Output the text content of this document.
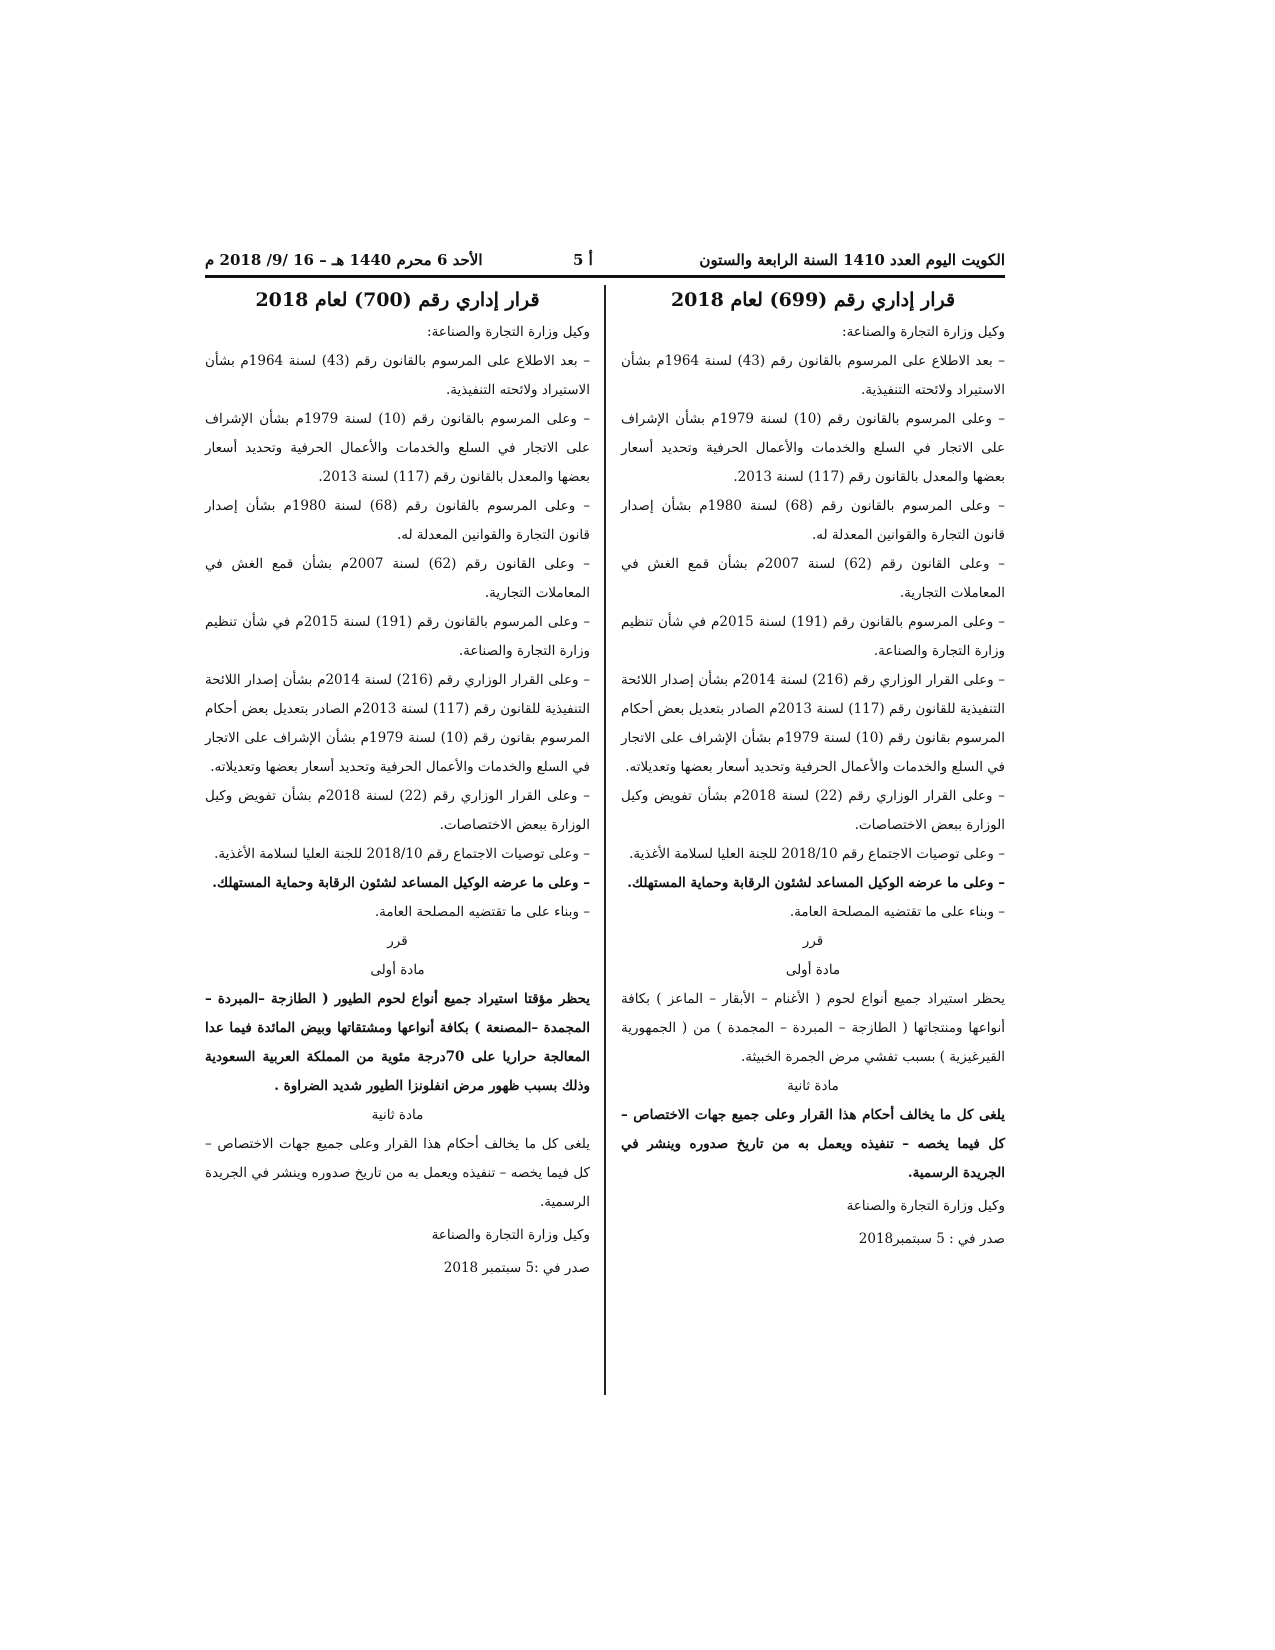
الكويت اليوم العدد 1410 السنة الرابعة والستون
أ 5
الأحد 6 محرم 1440 هـ – 16 /9/ 2018 م
قرار إداري رقم (699) لعام 2018

وكيل وزارة التجارة والصناعة:

– بعد الاطلاع على المرسوم بالقانون رقم (43) لسنة 1964م بشأن الاستيراد ولائحته التنفيذية.

– وعلى المرسوم بالقانون رقم (10) لسنة 1979م بشأن الإشراف على الاتجار في السلع والخدمات والأعمال الحرفية وتحديد أسعار بعضها والمعدل بالقانون رقم (117) لسنة 2013.

– وعلى المرسوم بالقانون رقم (68) لسنة 1980م بشأن إصدار قانون التجارة والقوانين المعدلة له.

– وعلى القانون رقم (62) لسنة 2007م بشأن قمع الغش في المعاملات التجارية.

– وعلى المرسوم بالقانون رقم (191) لسنة 2015م في شأن تنظيم وزارة التجارة والصناعة.

– وعلى القرار الوزاري رقم (216) لسنة 2014م بشأن إصدار اللائحة التنفيذية للقانون رقم (117) لسنة 2013م الصادر بتعديل بعض أحكام المرسوم بقانون رقم (10) لسنة 1979م بشأن الإشراف على الاتجار في السلع والخدمات والأعمال الحرفية وتحديد أسعار بعضها وتعديلاته.

– وعلى القرار الوزاري رقم (22) لسنة 2018م بشأن تفويض وكيل الوزارة ببعض الاختصاصات.

– وعلى توصيات الاجتماع رقم 2018/10 للجنة العليا لسلامة الأغذية.

– وعلى ما عرضه الوكيل المساعد لشئون الرقابة وحماية المستهلك.

– وبناء على ما تقتضيه المصلحة العامة.

قرر

مادة أولى

يحظر استيراد جميع أنواع لحوم ( الأغنام – الأبقار – الماعز ) بكافة أنواعها ومنتجاتها ( الطازجة – المبردة – المجمدة ) من ( الجمهورية القيرغيزية ) بسبب تفشي مرض الجمرة الخبيثة.

مادة ثانية

يلغى كل ما يخالف أحكام هذا القرار وعلى جميع جهات الاختصاص – كل فيما يخصه – تنفيذه ويعمل به من تاريخ صدوره وينشر في الجريدة الرسمية.

وكيل وزارة التجارة والصناعة

صدر في : 5 سبتمبر2018

قرار إداري رقم (700) لعام 2018

وكيل وزارة التجارة والصناعة:

– بعد الاطلاع على المرسوم بالقانون رقم (43) لسنة 1964م بشأن الاستيراد ولائحته التنفيذية.

– وعلى المرسوم بالقانون رقم (10) لسنة 1979م بشأن الإشراف على الاتجار في السلع والخدمات والأعمال الحرفية وتحديد أسعار بعضها والمعدل بالقانون رقم (117) لسنة 2013.

– وعلى المرسوم بالقانون رقم (68) لسنة 1980م بشأن إصدار قانون التجارة والقوانين المعدلة له.

– وعلى القانون رقم (62) لسنة 2007م بشأن قمع الغش في المعاملات التجارية.

– وعلى المرسوم بالقانون رقم (191) لسنة 2015م في شأن تنظيم وزارة التجارة والصناعة.

– وعلى القرار الوزاري رقم (216) لسنة 2014م بشأن إصدار اللائحة التنفيذية للقانون رقم (117) لسنة 2013م الصادر بتعديل بعض أحكام المرسوم بقانون رقم (10) لسنة 1979م بشأن الإشراف على الاتجار في السلع والخدمات والأعمال الحرفية وتحديد أسعار بعضها وتعديلاته.

– وعلى القرار الوزاري رقم (22) لسنة 2018م بشأن تفويض وكيل الوزارة ببعض الاختصاصات.

– وعلى توصيات الاجتماع رقم 2018/10 للجنة العليا لسلامة الأغذية.

– وعلى ما عرضه الوكيل المساعد لشئون الرقابة وحماية المستهلك.

– وبناء على ما تقتضيه المصلحة العامة.

قرر

مادة أولى

يحظر مؤقتا استيراد جميع أنواع لحوم الطيور ( الطازجة –المبردة – المجمدة –المصنعة ) بكافة أنواعها ومشتقاتها وبيض المائدة فيما عدا المعالجة حراريا على 70درجة مئوية من المملكة العربية السعودية وذلك بسبب ظهور مرض انفلونزا الطيور شديد الضراوة .

مادة ثانية

يلغى كل ما يخالف أحكام هذا القرار وعلى جميع جهات الاختصاص – كل فيما يخصه – تنفيذه ويعمل به من تاريخ صدوره وينشر في الجريدة الرسمية.

وكيل وزارة التجارة والصناعة

صدر في :5 سبتمبر 2018
